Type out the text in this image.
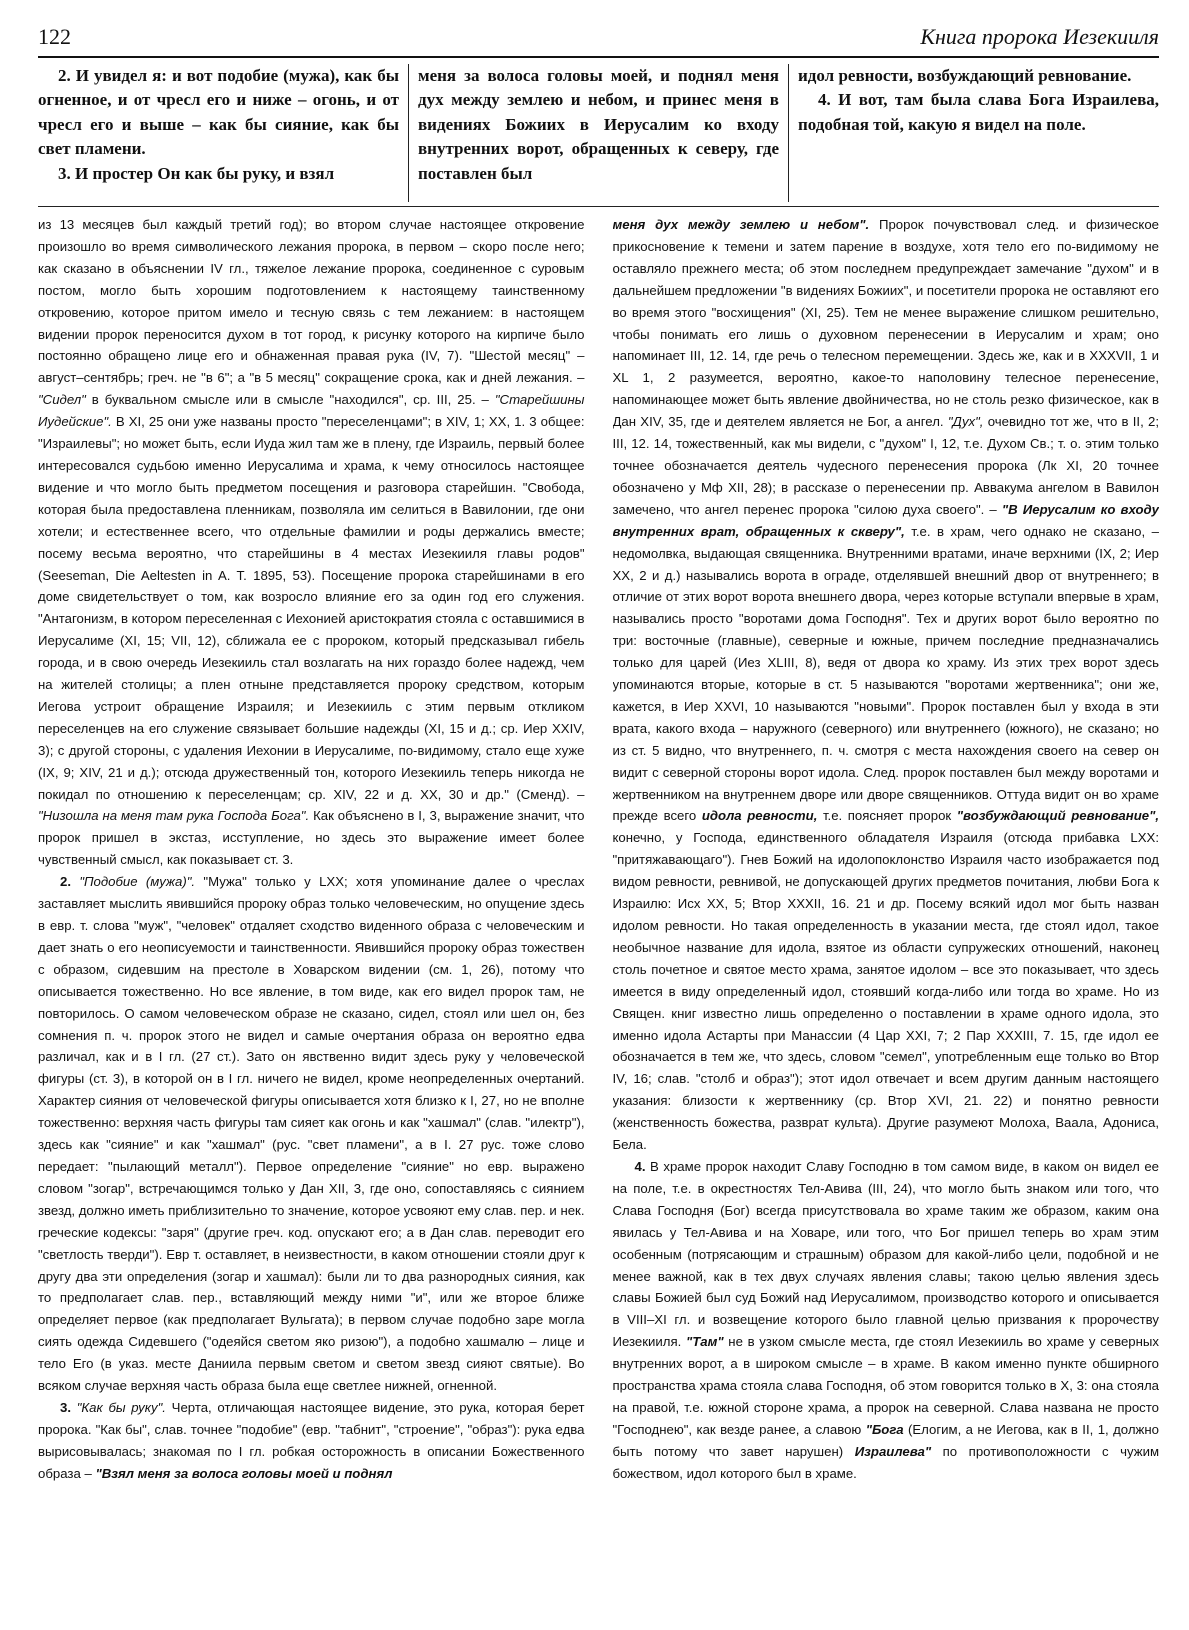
122	Книга пророка Иезекииля

2. И увидел я: и вот подобие (мужа), как бы огненное, и от чресл его и ниже – огонь, и от чресл его и выше – как бы сияние, как бы свет пламени.

3. И простер Он как бы руку, и взял

меня за волоса головы моей, и поднял меня дух между землею и небом, и принес меня в видениях Божиих в Иерусалим ко входу внутренних ворот, обращенных к северу, где поставлен был

идол ревности, возбуждающий ревнование.

4. И вот, там была слава Бога Израилева, подобная той, какую я видел на поле.

из 13 месяцев был каждый третий год); во втором случае настоящее откровение произошло во время символического лежания пророка, в первом – скоро после него; как сказано в объяснении IV гл., тяжелое лежание пророка, соединенное с суровым постом, могло быть хорошим подготовлением к настоящему таинственному откровению, которое притом имело и тесную связь с тем лежанием: в настоящем видении пророк переносится духом в тот город, к рисунку которого на кирпиче было постоянно обращено лице его и обнаженная правая рука (IV, 7). "Шестой месяц" – август–сентябрь; греч. не "в 6"; а "в 5 месяц" сокращение срока, как и дней лежания. – "Сидел" в буквальном смысле или в смысле "находился", ср. III, 25. – "Старейшины Иудейские". В XI, 25 они уже названы просто "переселенцами"; в XIV, 1; XX, 1. 3 общее: "Израилевы"; но может быть, если Иуда жил там же в плену, где Израиль, первый более интересовался судьбою именно Иерусалима и храма, к чему относилось настоящее видение и что могло быть предметом посещения и разговора старейшин. "Свобода, которая была предоставлена пленникам, позволяла им селиться в Вавилонии, где они хотели; и естественнее всего, что отдельные фамилии и роды держались вместе; посему весьма вероятно, что старейшины в 4 местах Иезекииля главы родов" (Seeseman, Die Aeltesten in A. T. 1895, 53). Посещение пророка старейшинами в его доме свидетельствует о том, как возросло влияние его за один год его служения. "Антагонизм, в котором переселенная с Иехонией аристократия стояла с оставшимися в Иерусалиме (XI, 15; VII, 12), сближала ее с пророком, который предсказывал гибель города, и в свою очередь Иезекииль стал возлагать на них гораздо более надежд, чем на жителей столицы; а плен отныне представляется пророку средством, которым Иегова устроит обращение Израиля; и Иезекииль с этим первым откликом переселенцев на его служение связывает большие надежды (XI, 15 и д.; ср. Иер XXIV, 3); с другой стороны, с удаления Иехонии в Иерусалиме, по-видимому, стало еще хуже (IX, 9; XIV, 21 и д.); отсюда дружественный тон, которого Иезекииль теперь никогда не покидал по отношению к переселенцам; ср. XIV, 22 и д. XX, 30 и др." (Сменд). – "Низошла на меня там рука Господа Бога". Как объяснено в I, 3, выражение значит, что пророк пришел в экстаз, исступление, но здесь это выражение имеет более чувственный смысл, как показывает ст. 3.

2. "Подобие (мужа)". "Мужа" только у LXX; хотя упоминание далее о чреслах заставляет мыслить явившийся пророку образ только человеческим, но опущение здесь в евр. т. слова "муж", "человек" отдаляет сходство виденного образа с человеческим и дает знать о его неописуемости и таинственности. Явившийся пророку образ тожествен с образом, сидевшим на престоле в Ховарском видении (см. 1, 26), потому что описывается тожественно. Но все явление, в том виде, как его видел пророк там, не повторилось. О самом человеческом образе не сказано, сидел, стоял или шел он, без сомнения п. ч. пророк этого не видел и самые очертания образа он вероятно едва различал, как и в I гл. (27 ст.). Зато он явственно видит здесь руку у человеческой фигуры (ст. 3), в которой он в I гл. ничего не видел, кроме неопределенных очертаний. Характер сияния от человеческой фигуры описывается хотя близко к I, 27, но не вполне тожественно: верхняя часть фигуры там сияет как огонь и как "хашмал" (слав. "илектр"), здесь как "сияние" и как "хашмал" (рус. "свет пламени", а в I. 27 рус. тоже слово передает: "пылающий металл"). Первое определение "сияние" но евр. выражено словом "зогар", встречающимся только у Дан XII, 3, где оно, сопоставляясь с сиянием звезд, должно иметь приблизительно то значение, которое усвояют ему слав. пер. и нек. греческие кодексы: "заря" (другие греч. код. опускают его; а в Дан слав. переводит его "светлость тверди"). Евр т. оставляет, в неизвестности, в каком отношении стояли друг к другу два эти определения (зогар и хашмал): были ли то два разнородных сияния, как то предполагает слав. пер., вставляющий между ними "и", или же второе ближе определяет первое (как предполагает Вульгата); в первом случае подобно заре могла сиять одежда Сидевшего ("одеяйся светом яко ризою"), а подобно хашмалю – лице и тело Его (в указ. месте Даниила первым светом и светом звезд сияют святые). Во всяком случае верхняя часть образа была еще светлее нижней, огненной.

3. "Как бы руку". Черта, отличающая настоящее видение, это рука, которая берет пророка. "Как бы", слав. точнее "подобие" (евр. "табнит", "строение", "образ"): рука едва вырисовывалась; знакомая по I гл. робкая осторожность в описании Божественного образа – "Взял меня за волоса головы моей и поднял

меня дух между землею и небом". Пророк почувствовал след. и физическое прикосновение к темени и затем парение в воздухе, хотя тело его по-видимому не оставляло прежнего места; об этом последнем предупреждает замечание "духом" и в дальнейшем предложении "в видениях Божиих", и посетители пророка не оставляют его во время этого "восхищения" (XI, 25). Тем не менее выражение слишком решительно, чтобы понимать его лишь о духовном перенесении в Иерусалим и храм; оно напоминает III, 12. 14, где речь о телесном перемещении. Здесь же, как и в XXXVII, 1 и XL 1, 2 разумеется, вероятно, какое-то наполовину телесное перенесение, напоминающее может быть явление двойничества, но не столь резко физическое, как в Дан XIV, 35, где и деятелем является не Бог, а ангел. "Дух", очевидно тот же, что в II, 2; III, 12. 14, тожественный, как мы видели, с "духом" I, 12, т.е. Духом Св.; т. о. этим только точнее обозначается деятель чудесного перенесения пророка (Лк XI, 20 точнее обозначено у Мф XII, 28); в рассказе о перенесении пр. Аввакума ангелом в Вавилон замечено, что ангел перенес пророка "силою духа своего". – "В Иерусалим ко входу внутренних врат, обращенных к скверу", т.е. в храм, чего однако не сказано, – недомолвка, выдающая священника. Внутренними вратами, иначе верхними (IX, 2; Иер XX, 2 и д.) назывались ворота в ограде, отделявшей внешний двор от внутреннего; в отличие от этих ворот ворота внешнего двора, через которые вступали впервые в храм, назывались просто "воротами дома Господня". Тех и других ворот было вероятно по три: восточные (главные), северные и южные, причем последние предназначались только для царей (Иез XLIII, 8), ведя от двора ко храму. Из этих трех ворот здесь упоминаются вторые, которые в ст. 5 называются "воротами жертвенника"; они же, кажется, в Иер XXVI, 10 называются "новыми". Пророк поставлен был у входа в эти врата, какого входа – наружного (северного) или внутреннего (южного), не сказано; но из ст. 5 видно, что внутреннего, п. ч. смотря с места нахождения своего на север он видит с северной стороны ворот идола. След. пророк поставлен был между воротами и жертвенником на внутреннем дворе или дворе священников. Оттуда видит он во храме прежде всего идола ревности, т.е. поясняет пророк "возбуждающий ревнование", конечно, у Господа, единственного обладателя Израиля (отсюда прибавка LXX: "притяжавающаго"). Гнев Божий на идолопоклонство Израиля часто изображается под видом ревности, ревнивой, не допускающей других предметов почитания, любви Бога к Израилю: Исх XX, 5; Втор XXXII, 16. 21 и др. Посему всякий идол мог быть назван идолом ревности. Но такая определенность в указании места, где стоял идол, такое необычное название для идола, взятое из области супружеских отношений, наконец столь почетное и святое место храма, занятое идолом – все это показывает, что здесь имеется в виду определенный идол, стоявший когда-либо или тогда во храме. Но из Священ. книг известно лишь определенно о поставлении в храме одного идола, это именно идола Астарты при Манассии (4 Цар XXI, 7; 2 Пар XXXIII, 7. 15, где идол ее обозначается в тем же, что здесь, словом "семел", употребленным еще только во Втор IV, 16; слав. "столб и образ"); этот идол отвечает и всем другим данным настоящего указания: близости к жертвеннику (ср. Втор XVI, 21. 22) и понятно ревности (женственность божества, разврат культа). Другие разумеют Молоха, Ваала, Адониса, Бела.

4. В храме пророк находит Славу Господню в том самом виде, в каком он видел ее на поле, т.е. в окрестностях Тел-Авива (III, 24), что могло быть знаком или того, что Слава Господня (Бог) всегда присутствовала во храме таким же образом, каким она явилась у Тел-Авива и на Ховаре, или того, что Бог пришел теперь во храм этим особенным (потрясающим и страшным) образом для какой-либо цели, подобной и не менее важной, как в тех двух случаях явления славы; такою целью явления здесь славы Божией был суд Божий над Иерусалимом, производство которого и описывается в VIII–XI гл. и возвещение которого было главной целью призвания к пророчеству Иезекииля. "Там" не в узком смысле места, где стоял Иезекииль во храме у северных внутренних ворот, а в широком смысле – в храме. В каком именно пункте обширного пространства храма стояла слава Господня, об этом говорится только в X, 3: она стояла на правой, т.е. южной стороне храма, а пророк на северной. Слава названа не просто "Господнею", как везде ранее, а славою "Бога (Елогим, а не Иегова, как в II, 1, должно быть потому что завет нарушен) Израилева" по противоположности с чужим божеством, идол которого был в храме.
